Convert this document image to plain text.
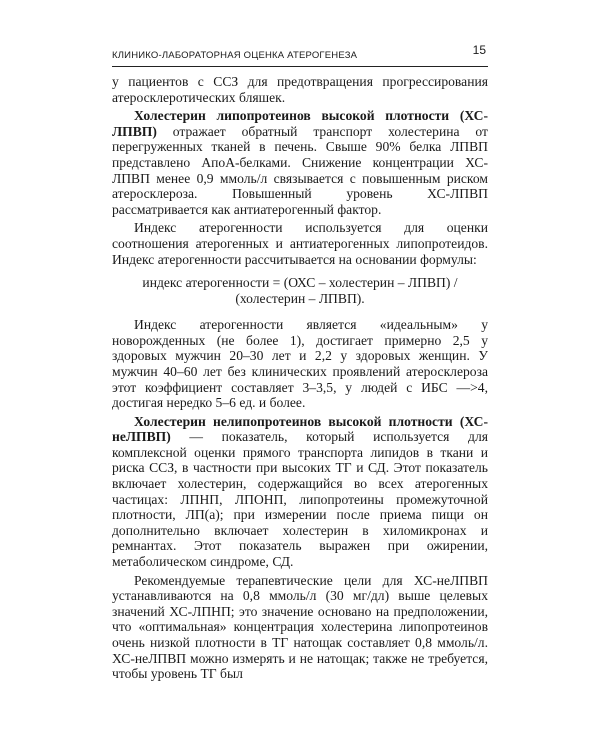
КЛИНИКО-ЛАБОРАТОРНАЯ ОЦЕНКА АТЕРОГЕНЕЗА	15

у пациентов с ССЗ для предотвращения прогрессирования атеросклеротических бляшек.

Холестерин липопротеинов высокой плотности (ХС-ЛПВП) отражает обратный транспорт холестерина от перегруженных тканей в печень. Свыше 90% белка ЛПВП представлено АпоА-белками. Снижение концентрации ХС-ЛПВП менее 0,9 ммоль/л связывается с повышенным риском атеросклероза. Повышенный уровень ХС-ЛПВП рассматривается как антиатерогенный фактор.

Индекс атерогенности используется для оценки соотношения атерогенных и антиатерогенных липопротеидов. Индекс атерогенности рассчитывается на основании формулы:

индекс атерогенности = (ОХС – холестерин – ЛПВП) /
(холестерин – ЛПВП).

Индекс атерогенности является «идеальным» у новорожденных (не более 1), достигает примерно 2,5 у здоровых мужчин 20–30 лет и 2,2 у здоровых женщин. У мужчин 40–60 лет без клинических проявлений атеросклероза этот коэффициент составляет 3–3,5, у людей с ИБС —>4, достигая нередко 5–6 ед. и более.

Холестерин нелипопротеинов высокой плотности (ХС-неЛПВП) — показатель, который используется для комплексной оценки прямого транспорта липидов в ткани и риска ССЗ, в частности при высоких ТГ и СД. Этот показатель включает холестерин, содержащийся во всех атерогенных частицах: ЛПНП, ЛПОНП, липопротеины промежуточной плотности, ЛП(а); при измерении после приема пищи он дополнительно включает холестерин в хиломикронах и ремнантах. Этот показатель выражен при ожирении, метаболическом синдроме, СД.

Рекомендуемые терапевтические цели для ХС-неЛПВП устанавливаются на 0,8 ммоль/л (30 мг/дл) выше целевых значений ХС-ЛПНП; это значение основано на предположении, что «оптимальная» концентрация холестерина липопротеинов очень низкой плотности в ТГ натощак составляет 0,8 ммоль/л. ХС-неЛПВП можно измерять и не натощак; также не требуется, чтобы уровень ТГ был
